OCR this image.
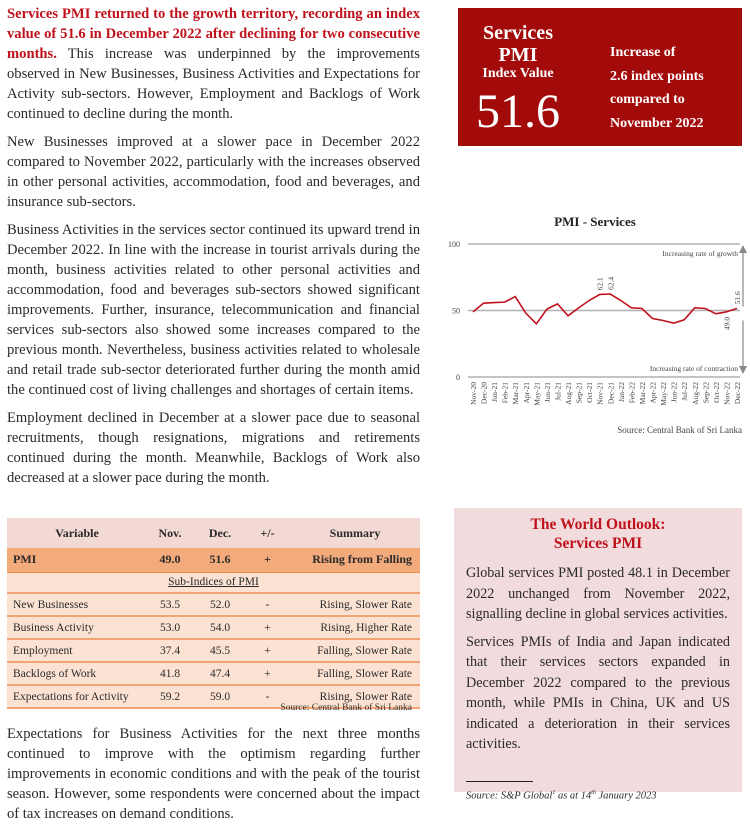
Services PMI returned to the growth territory, recording an index value of 51.6 in December 2022 after declining for two consecutive months. This increase was underpinned by the improvements observed in New Businesses, Business Activities and Expectations for Activity sub-sectors. However, Employment and Backlogs of Work continued to decline during the month.

New Businesses improved at a slower pace in December 2022 compared to November 2022, particularly with the increases observed in other personal activities, accommodation, food and beverages, and insurance sub-sectors.

Business Activities in the services sector continued its upward trend in December 2022. In line with the increase in tourist arrivals during the month, business activities related to other personal activities and accommodation, food and beverages sub-sectors showed significant improvements. Further, insurance, telecommunication and financial services sub-sectors also showed some increases compared to the previous month. Nevertheless, business activities related to wholesale and retail trade sub-sector deteriorated further during the month amid the continued cost of living challenges and shortages of certain items.

Employment declined in December at a slower pace due to seasonal recruitments, though resignations, migrations and retirements continued during the month. Meanwhile, Backlogs of Work also decreased at a slower pace during the month.

Services
PMI
Index Value
51.6
Increase of
2.6 index points
compared to
November 2022
PMI - Services
0
50
100
Increasing rate of growth
Increasing rate of contraction
62.1 62.4
49.0
51.6
Nov-20 Dec-20 Jan-21 Feb-21 Mar-21 Apr-21 May-21 Jun-21 Jul-21 Aug-21 Sep-21 Oct-21 Nov-21 Dec-21 Jan-22 Feb-22 Mar-22 Apr-22 May-22 Jun-22 Jul-22 Aug-22 Sep-22 Oct-22 Nov-22 Dec-22
Source: Central Bank of Sri Lanka
Variable	Nov.	Dec.	+/-	Summary
PMI	49.0	51.6	+	Rising from Falling
Sub-Indices of PMI				
New Businesses	53.5	52.0	-	Rising, Slower Rate
Business Activity	53.0	54.0	+	Rising, Higher Rate
Employment	37.4	45.5	+	Falling, Slower Rate
Backlogs of Work	41.8	47.4	+	Falling, Slower Rate
Expectations for Activity	59.2	59.0	-	Rising, Slower Rate
Source: Central Bank of Sri Lanka

Expectations for Business Activities for the next three months continued to improve with the optimism regarding further improvements in economic conditions and with the peak of the tourist season. However, some respondents were concerned about the impact of tax increases on demand conditions.

The World Outlook:
Services PMI

Global services PMI posted 48.1 in December 2022 unchanged from November 2022, signalling decline in global services activities.

Services PMIs of India and Japan indicated that their services sectors expanded in December 2022 compared to the previous month, while PMIs in China, UK and US indicated a deterioration in their services activities.

Source: S&P Global$^1$ as at 14th January 2023
